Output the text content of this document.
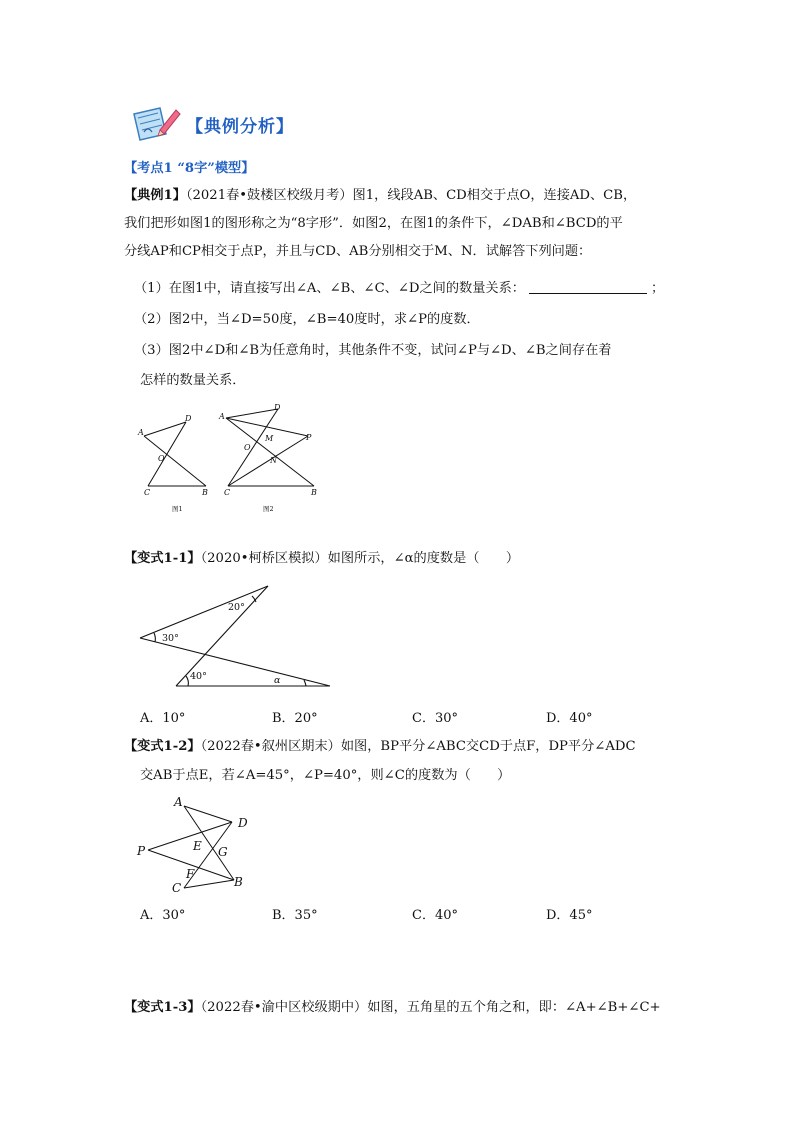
【典例分析】
【考点1 “8字”模型】
【典例1】（2021春•鼓楼区校级月考）图1，线段AB、CD相交于点O，连接AD、CB，
我们把形如图1的图形称之为“8字形”．如图2，在图1的条件下，∠DAB和∠BCD的平
分线AP和CP相交于点P，并且与CD、AB分别相交于M、N．试解答下列问题：
（1）在图1中，请直接写出∠A、∠B、∠C、∠D之间的数量关系：	；
（2）图2中，当∠D=50度，∠B=40度时，求∠P的度数．
（3）图2中∠D和∠B为任意角时，其他条件不变，试问∠P与∠D、∠B之间存在着
怎样的数量关系．
A
D
O
C	B
图1
A
D
M	P
O
N
C	B
图2
【变式1-1】（2020•柯桥区模拟）如图所示，∠α的度数是（　　）
20°
30°
40°	α
A．10°	B．20°	C．30°	D．40°
【变式1-2】（2022春•叙州区期末）如图，BP平分∠ABC交CD于点F，DP平分∠ADC
交AB于点E，若∠A=45°，∠P=40°，则∠C的度数为（　　）
A
D
P	E G
F
C	B
A．30°	B．35°	C．40°	D．45°
【变式1-3】（2022春•渝中区校级期中）如图，五角星的五个角之和，即：∠A+∠B+∠C+
